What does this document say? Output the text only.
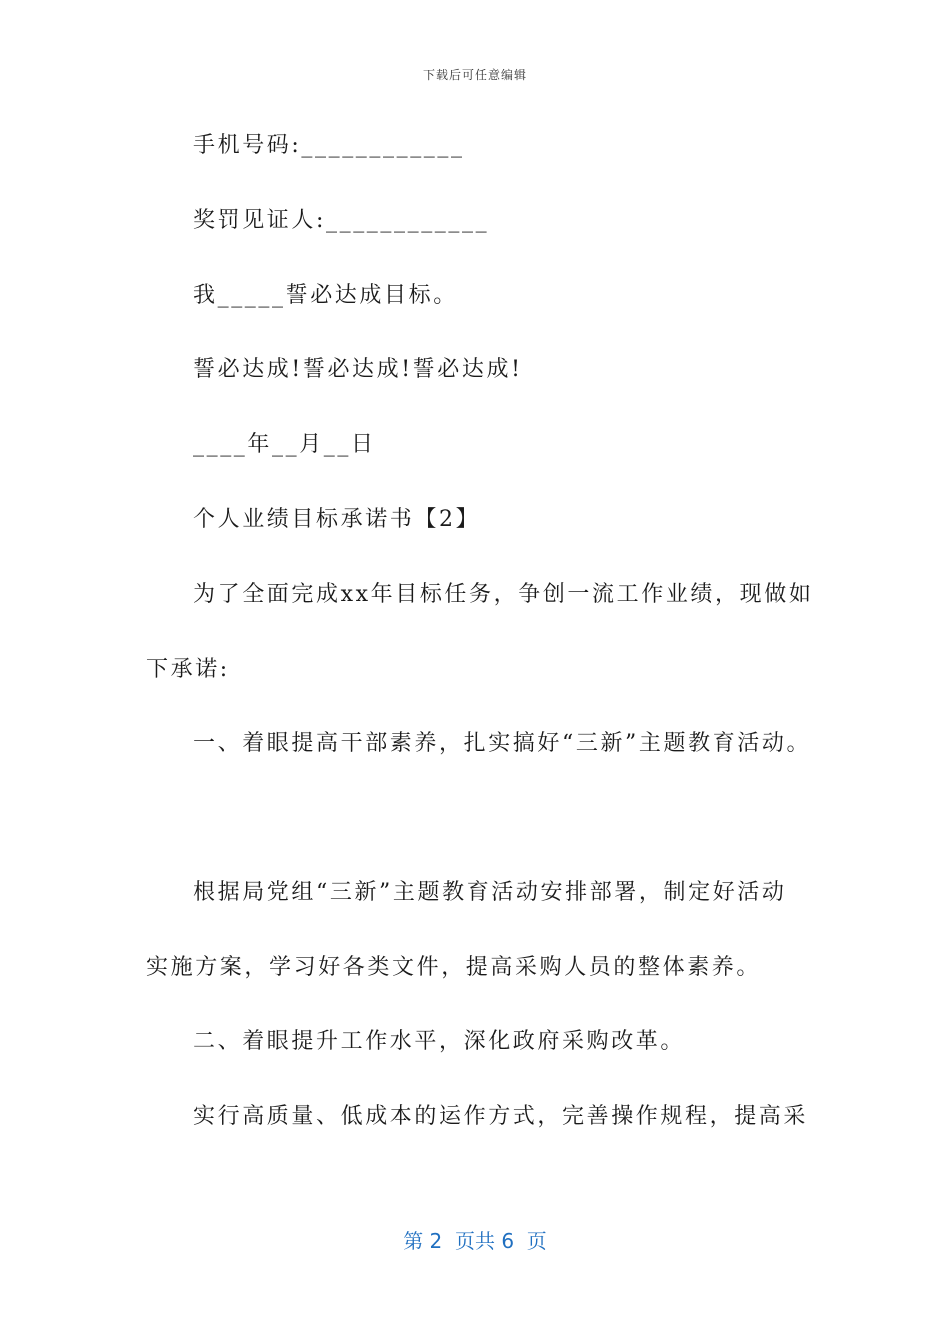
下载后可任意编辑
手机号码:____________
奖罚见证人:____________
我_____誓必达成目标。
誓必达成!誓必达成!誓必达成!
____年__月__日
个人业绩目标承诺书【2】
为了全面完成xx年目标任务，争创一流工作业绩，现做如
下承诺:
一、着眼提高干部素养，扎实搞好“三新”主题教育活动。
根据局党组“三新”主题教育活动安排部署，制定好活动
实施方案，学习好各类文件，提高采购人员的整体素养。
二、着眼提升工作水平，深化政府采购改革。
实行高质量、低成本的运作方式，完善操作规程，提高采
第 2  页共 6  页
